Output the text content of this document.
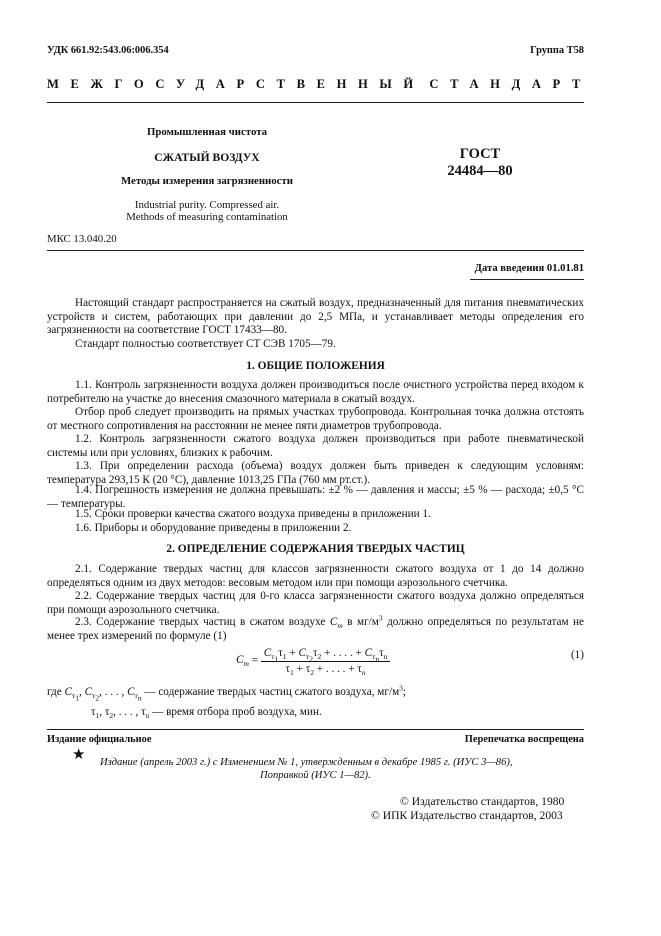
УДК 661.92:543.06:006.354	Группа Т58
МЕЖГОСУДАРСТВЕННЫЙ СТАНДАРТ
Промышленная чистота
СЖАТЫЙ ВОЗДУХ
Методы измерения загрязненности
Industrial purity. Compressed air.
Methods of measuring contamination
ГОСТ
24484—80
МКС 13.040.20
Дата введения 01.01.81
Настоящий стандарт распространяется на сжатый воздух, предназначенный для питания пневматических устройств и систем, работающих при давлении до 2,5 МПа, и устанавливает методы определения его загрязненности на соответствие ГОСТ 17433—80.
Стандарт полностью соответствует СТ СЭВ 1705—79.
1. ОБЩИЕ ПОЛОЖЕНИЯ
1.1. Контроль загрязненности воздуха должен производиться после очистного устройства перед входом к потребителю на участке до внесения смазочного материала в сжатый воздух.
Отбор проб следует производить на прямых участках трубопровода. Контрольная точка должна отстоять от местного сопротивления на расстоянии не менее пяти диаметров трубопровода.
1.2. Контроль загрязненности сжатого воздуха должен производиться при работе пневматической системы или при условиях, близких к рабочим.
1.3. При определении расхода (объема) воздух должен быть приведен к следующим условиям: температура 293,15 К (20 °С), давление 1013,25 ГПа (760 мм рт.ст.).
1.4. Погрешность измерения не должна превышать: ±2 % — давления и массы; ±5 % — расхода; ±0,5 °С — температуры.
1.5. Сроки проверки качества сжатого воздуха приведены в приложении 1.
1.6. Приборы и оборудование приведены в приложении 2.
2. ОПРЕДЕЛЕНИЕ СОДЕРЖАНИЯ ТВЕРДЫХ ЧАСТИЦ
2.1. Содержание твердых частиц для классов загрязненности сжатого воздуха от 1 до 14 должно определяться одним из двух методов: весовым методом или при помощи аэрозольного счетчика.
2.2. Содержание твердых частиц для 0-го класса загрязненности сжатого воздуха должно определяться при помощи аэрозольного счетчика.
2.3. Содержание твердых частиц в сжатом воздухе $C_т$ в $мг/м^3$ должно определяться по результатам не менее трех измерений по формуле (1)
$C_т = \frac{C_{т_1}\tau_1 + C_{т_2}\tau_2 + . . . . + C_{т_n}\tau_n}{\tau_1 + \tau_2 + . . . . + \tau_n}$	(1)
где $C_{т_1}$, $C_{т_2}$, . . . , $C_{т_n}$ — содержание твердых частиц сжатого воздуха, $мг/м^3$;
$\tau_1$, $\tau_2$, . . . , $\tau_n$ — время отбора проб воздуха, мин.
Издание официальное	Перепечатка воспрещена
★ Издание (апрель 2003 г.) с Изменением № 1, утвержденным в декабре 1985 г. (ИУС 3—86),
Поправкой (ИУС 1—82).
© Издательство стандартов, 1980
© ИПК Издательство стандартов, 2003
